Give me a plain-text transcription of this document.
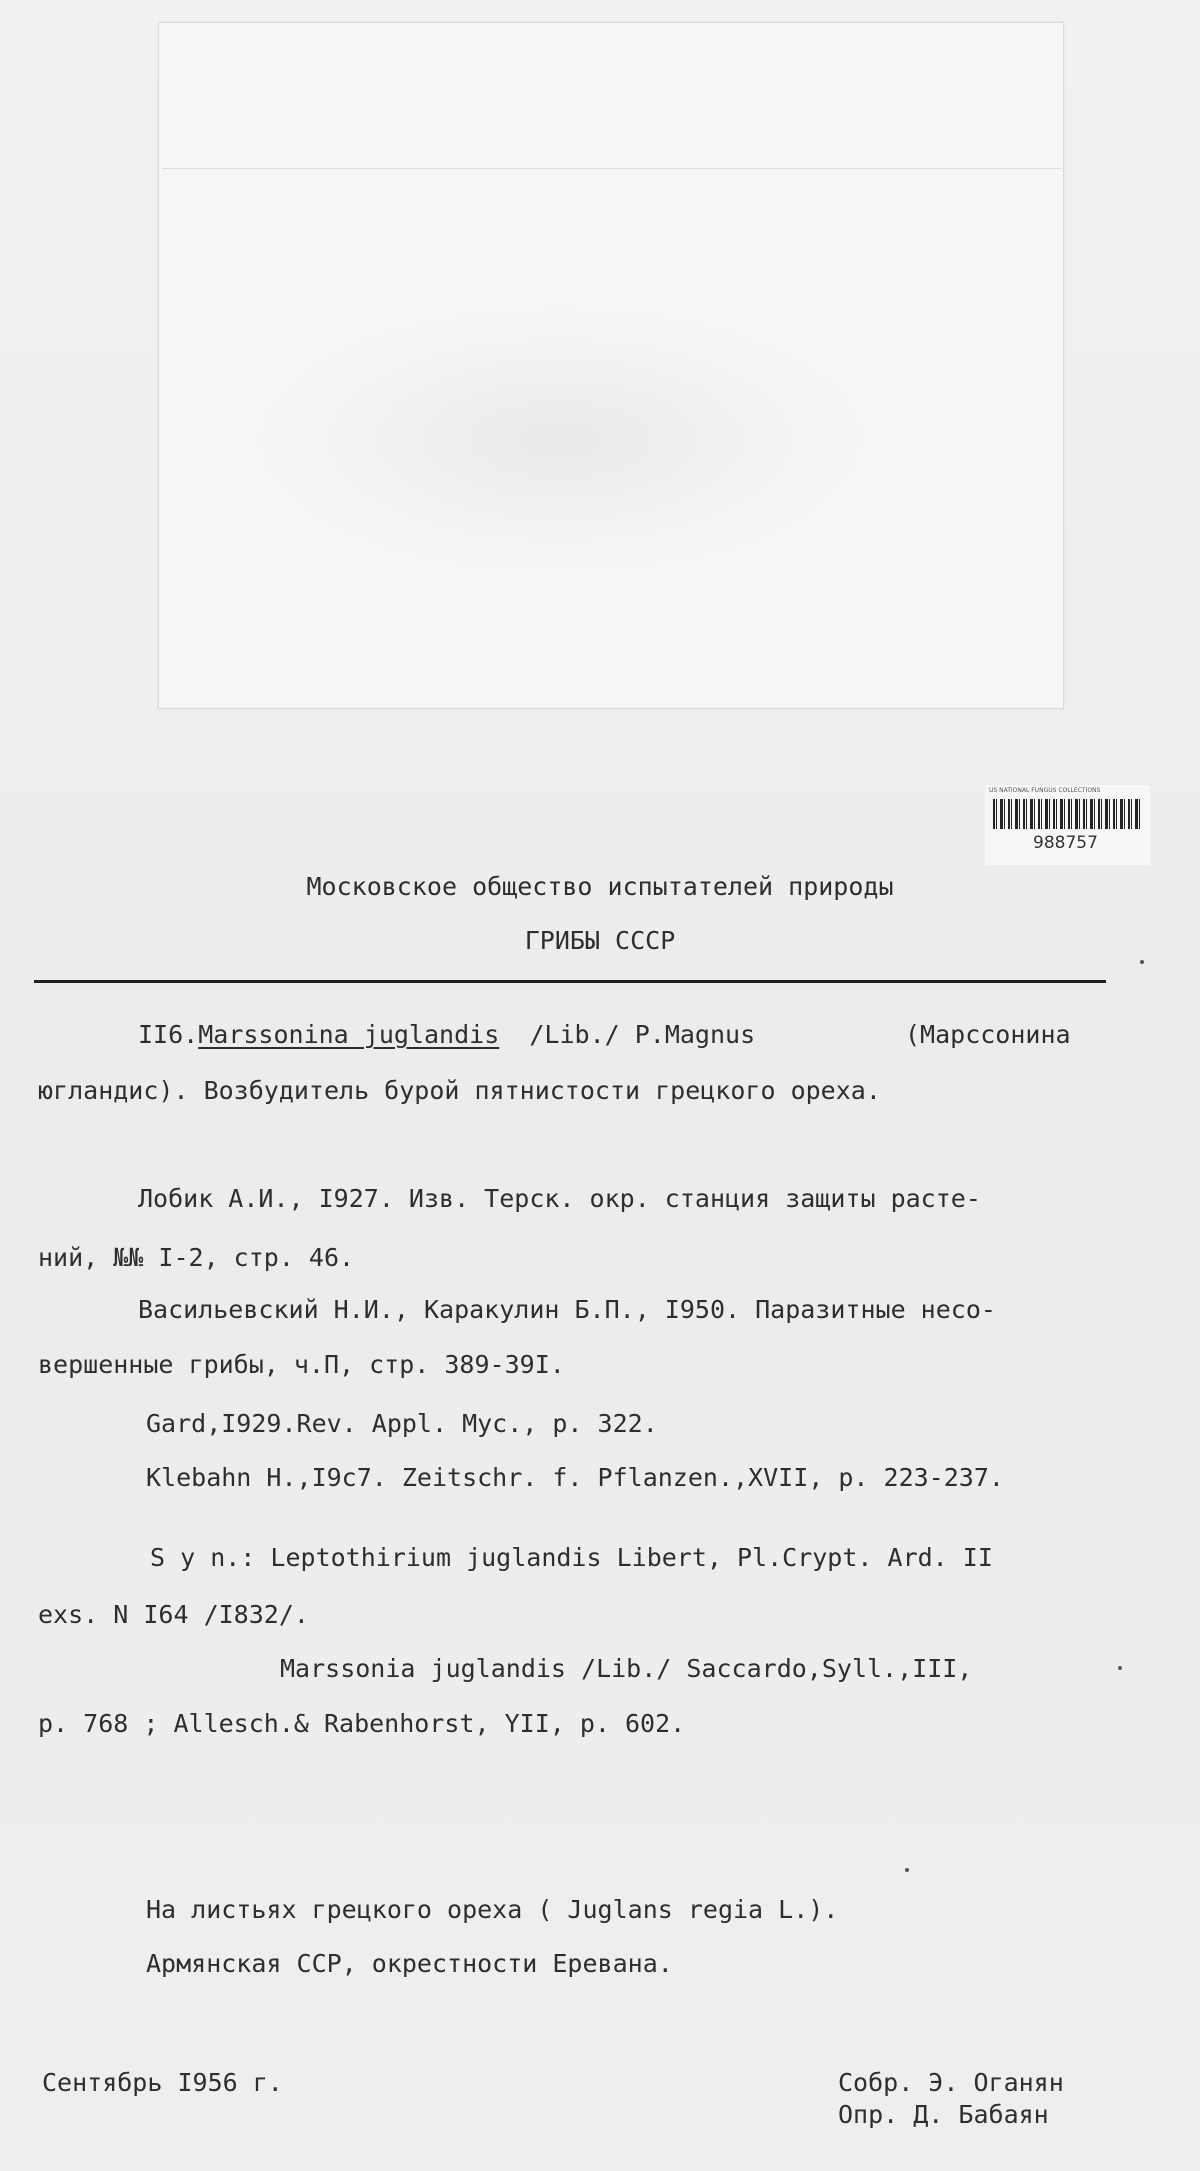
US NATIONAL FUNGUS COLLECTIONS
988757
Московское общество испытателей природы
ГРИБЫ СССР
II6.Marssonina juglandis /Lib./ P.Magnus	(Марссонина
югландис). Возбудитель бурой пятнистости грецкого ореха.
Лобик А.И., I927. Изв. Терск. окр. станция защиты расте-
ний, №№ I-2, стр. 46.
Васильевский Н.И., Каракулин Б.П., I950. Паразитные несо-
вершенные грибы, ч.П, стр. 389-39I.
Gard,I929.Rev. Appl. Myc., p. 322.
Klebahn H.,I9c7. Zeitschr. f. Pflanzen.,XVII, p. 223-237.
S y n.: Leptothirium juglandis Libert, Pl.Crypt. Ard. II
exs. N I64 /I832/.
Marssonia juglandis /Lib./ Saccardo,Syll.,III,
p. 768 ; Allesch.& Rabenhorst, YII, p. 602.
На листьях грецкого ореха ( Juglans regia L.).
Армянская ССР, окрестности Еревана.
Сентябрь I956 г.	Собр. Э. Оганян
Опр. Д. Бабаян
